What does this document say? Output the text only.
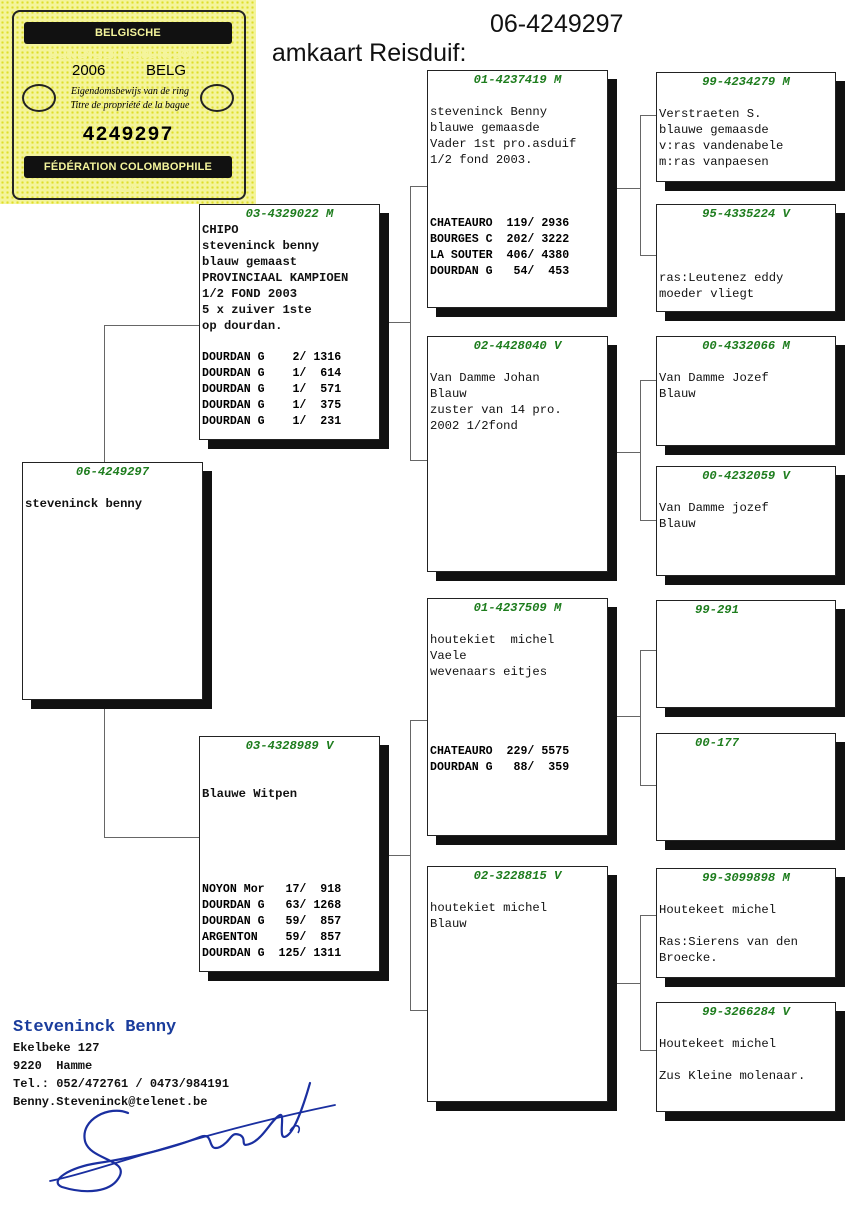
amkaart Reisduif:

06-4249297

06-4249297
steveninck benny
03-4329022 M
CHIPO
steveninck benny
blauw gemaast
PROVINCIAAL KAMPIOEN
1/2 FOND 2003
5 x zuiver 1ste
op dourdan.
DOURDAN G    2/ 1316
DOURDAN G    1/  614
DOURDAN G    1/  571
DOURDAN G    1/  375
DOURDAN G    1/  231
03-4328989 V
Blauwe Witpen
NOYON Mor   17/  918
DOURDAN G   63/ 1268
DOURDAN G   59/  857
ARGENTON    59/  857
DOURDAN G  125/ 1311
01-4237419 M
steveninck Benny
blauwe gemaasde
Vader 1st pro.asduif
1/2 fond 2003.
CHATEAURO  119/ 2936
BOURGES C  202/ 3222
LA SOUTER  406/ 4380
DOURDAN G   54/  453
02-4428040 V
Van Damme Johan
Blauw
zuster van 14 pro.
2002 1/2fond
01-4237509 M
houtekiet  michel
Vaele
wevenaars eitjes
CHATEAURO  229/ 5575
DOURDAN G   88/  359
02-3228815 V
houtekiet michel
Blauw
99-4234279 M
Verstraeten S.
blauwe gemaasde
v:ras vandenabele
m:ras vanpaesen
95-4335224 V
ras:Leutenez eddy
moeder vliegt
00-4332066 M
Van Damme Jozef
Blauw
00-4232059 V
Van Damme jozef
Blauw
99-291
00-177
99-3099898 M
Houtekeet michel
Ras:Sierens van den
Broecke.
99-3266284 V
Houtekeet michel
Zus Kleine molenaar.
BELGISCHE DUIVENLIEFHEBBERSBOND
2006	BELG
Eigendomsbewijs van de ring
Titre de propriété de la bague
4249297
FÉDÉRATION COLOMBOPHILE BELGE
Steveninck Benny
Ekelbeke 127
9220  Hamme
Tel.: 052/472761 / 0473/984191
Benny.Steveninck@telenet.be
